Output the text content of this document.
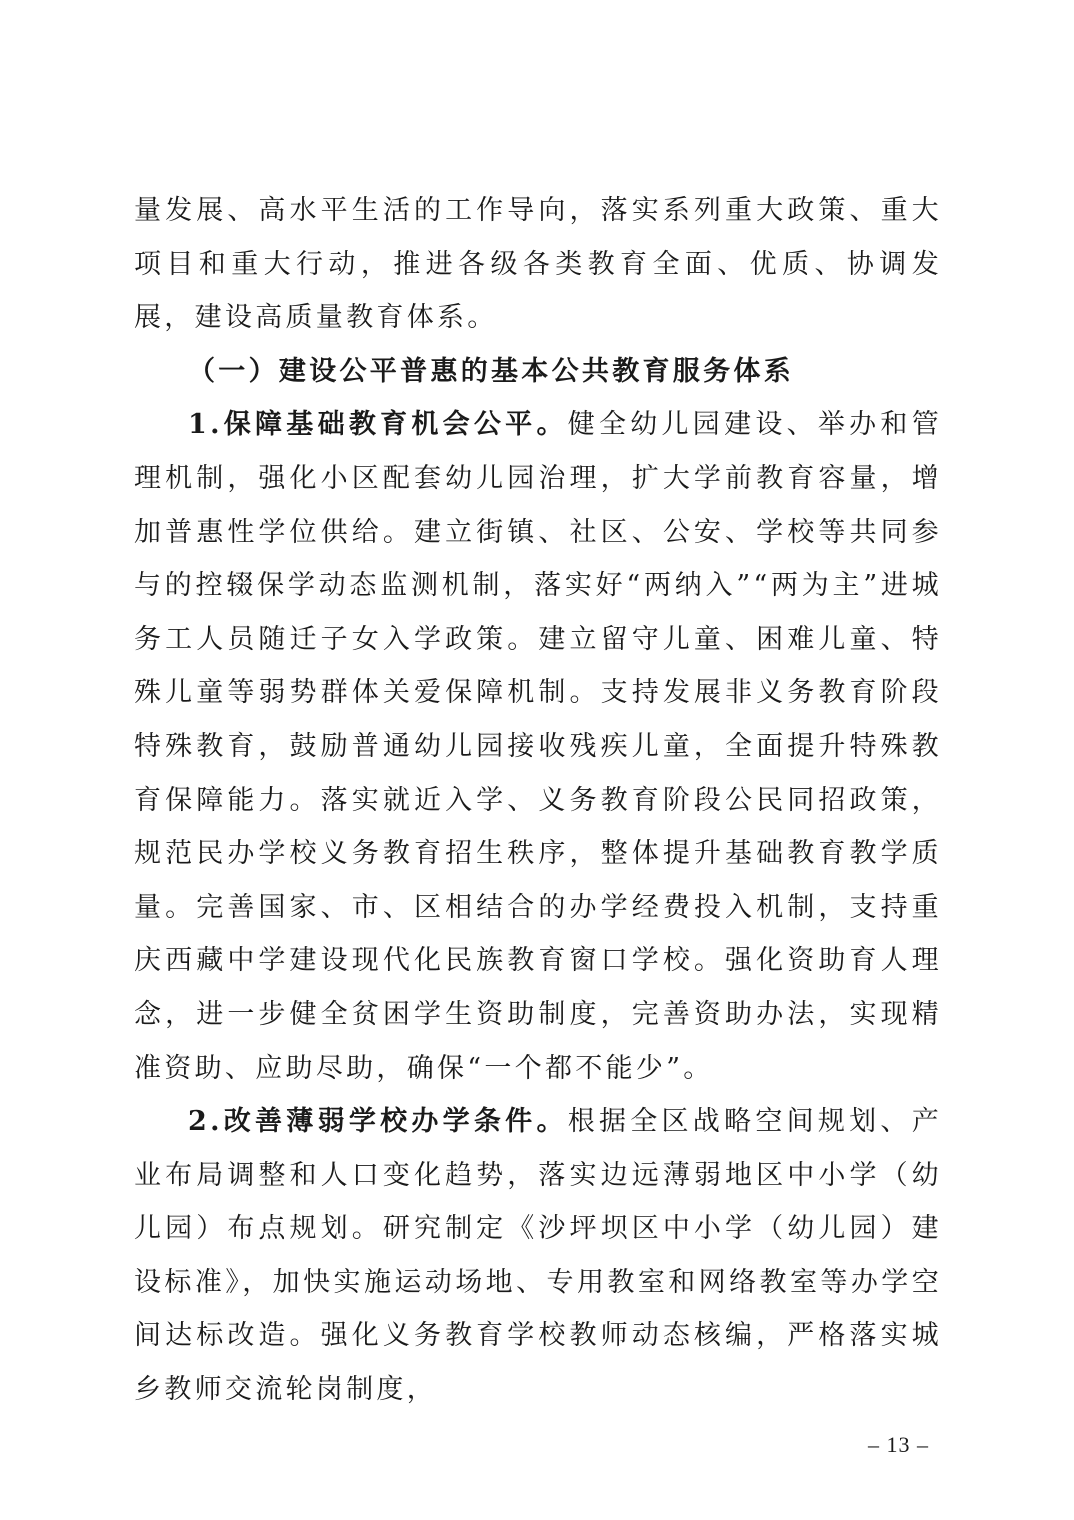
量发展、高水平生活的工作导向，落实系列重大政策、重大项目和重大行动，推进各级各类教育全面、优质、协调发展，建设高质量教育体系。

（一）建设公平普惠的基本公共教育服务体系

1.保障基础教育机会公平。健全幼儿园建设、举办和管理机制，强化小区配套幼儿园治理，扩大学前教育容量，增加普惠性学位供给。建立街镇、社区、公安、学校等共同参与的控辍保学动态监测机制，落实好“两纳入”“两为主”进城务工人员随迁子女入学政策。建立留守儿童、困难儿童、特殊儿童等弱势群体关爱保障机制。支持发展非义务教育阶段特殊教育，鼓励普通幼儿园接收残疾儿童，全面提升特殊教育保障能力。落实就近入学、义务教育阶段公民同招政策，规范民办学校义务教育招生秩序，整体提升基础教育教学质量。完善国家、市、区相结合的办学经费投入机制，支持重庆西藏中学建设现代化民族教育窗口学校。强化资助育人理念，进一步健全贫困学生资助制度，完善资助办法，实现精准资助、应助尽助，确保“一个都不能少”。

2.改善薄弱学校办学条件。根据全区战略空间规划、产业布局调整和人口变化趋势，落实边远薄弱地区中小学（幼儿园）布点规划。研究制定《沙坪坝区中小学（幼儿园）建设标准》，加快实施运动场地、专用教室和网络教室等办学空间达标改造。强化义务教育学校教师动态核编，严格落实城乡教师交流轮岗制度，

– 13 –
